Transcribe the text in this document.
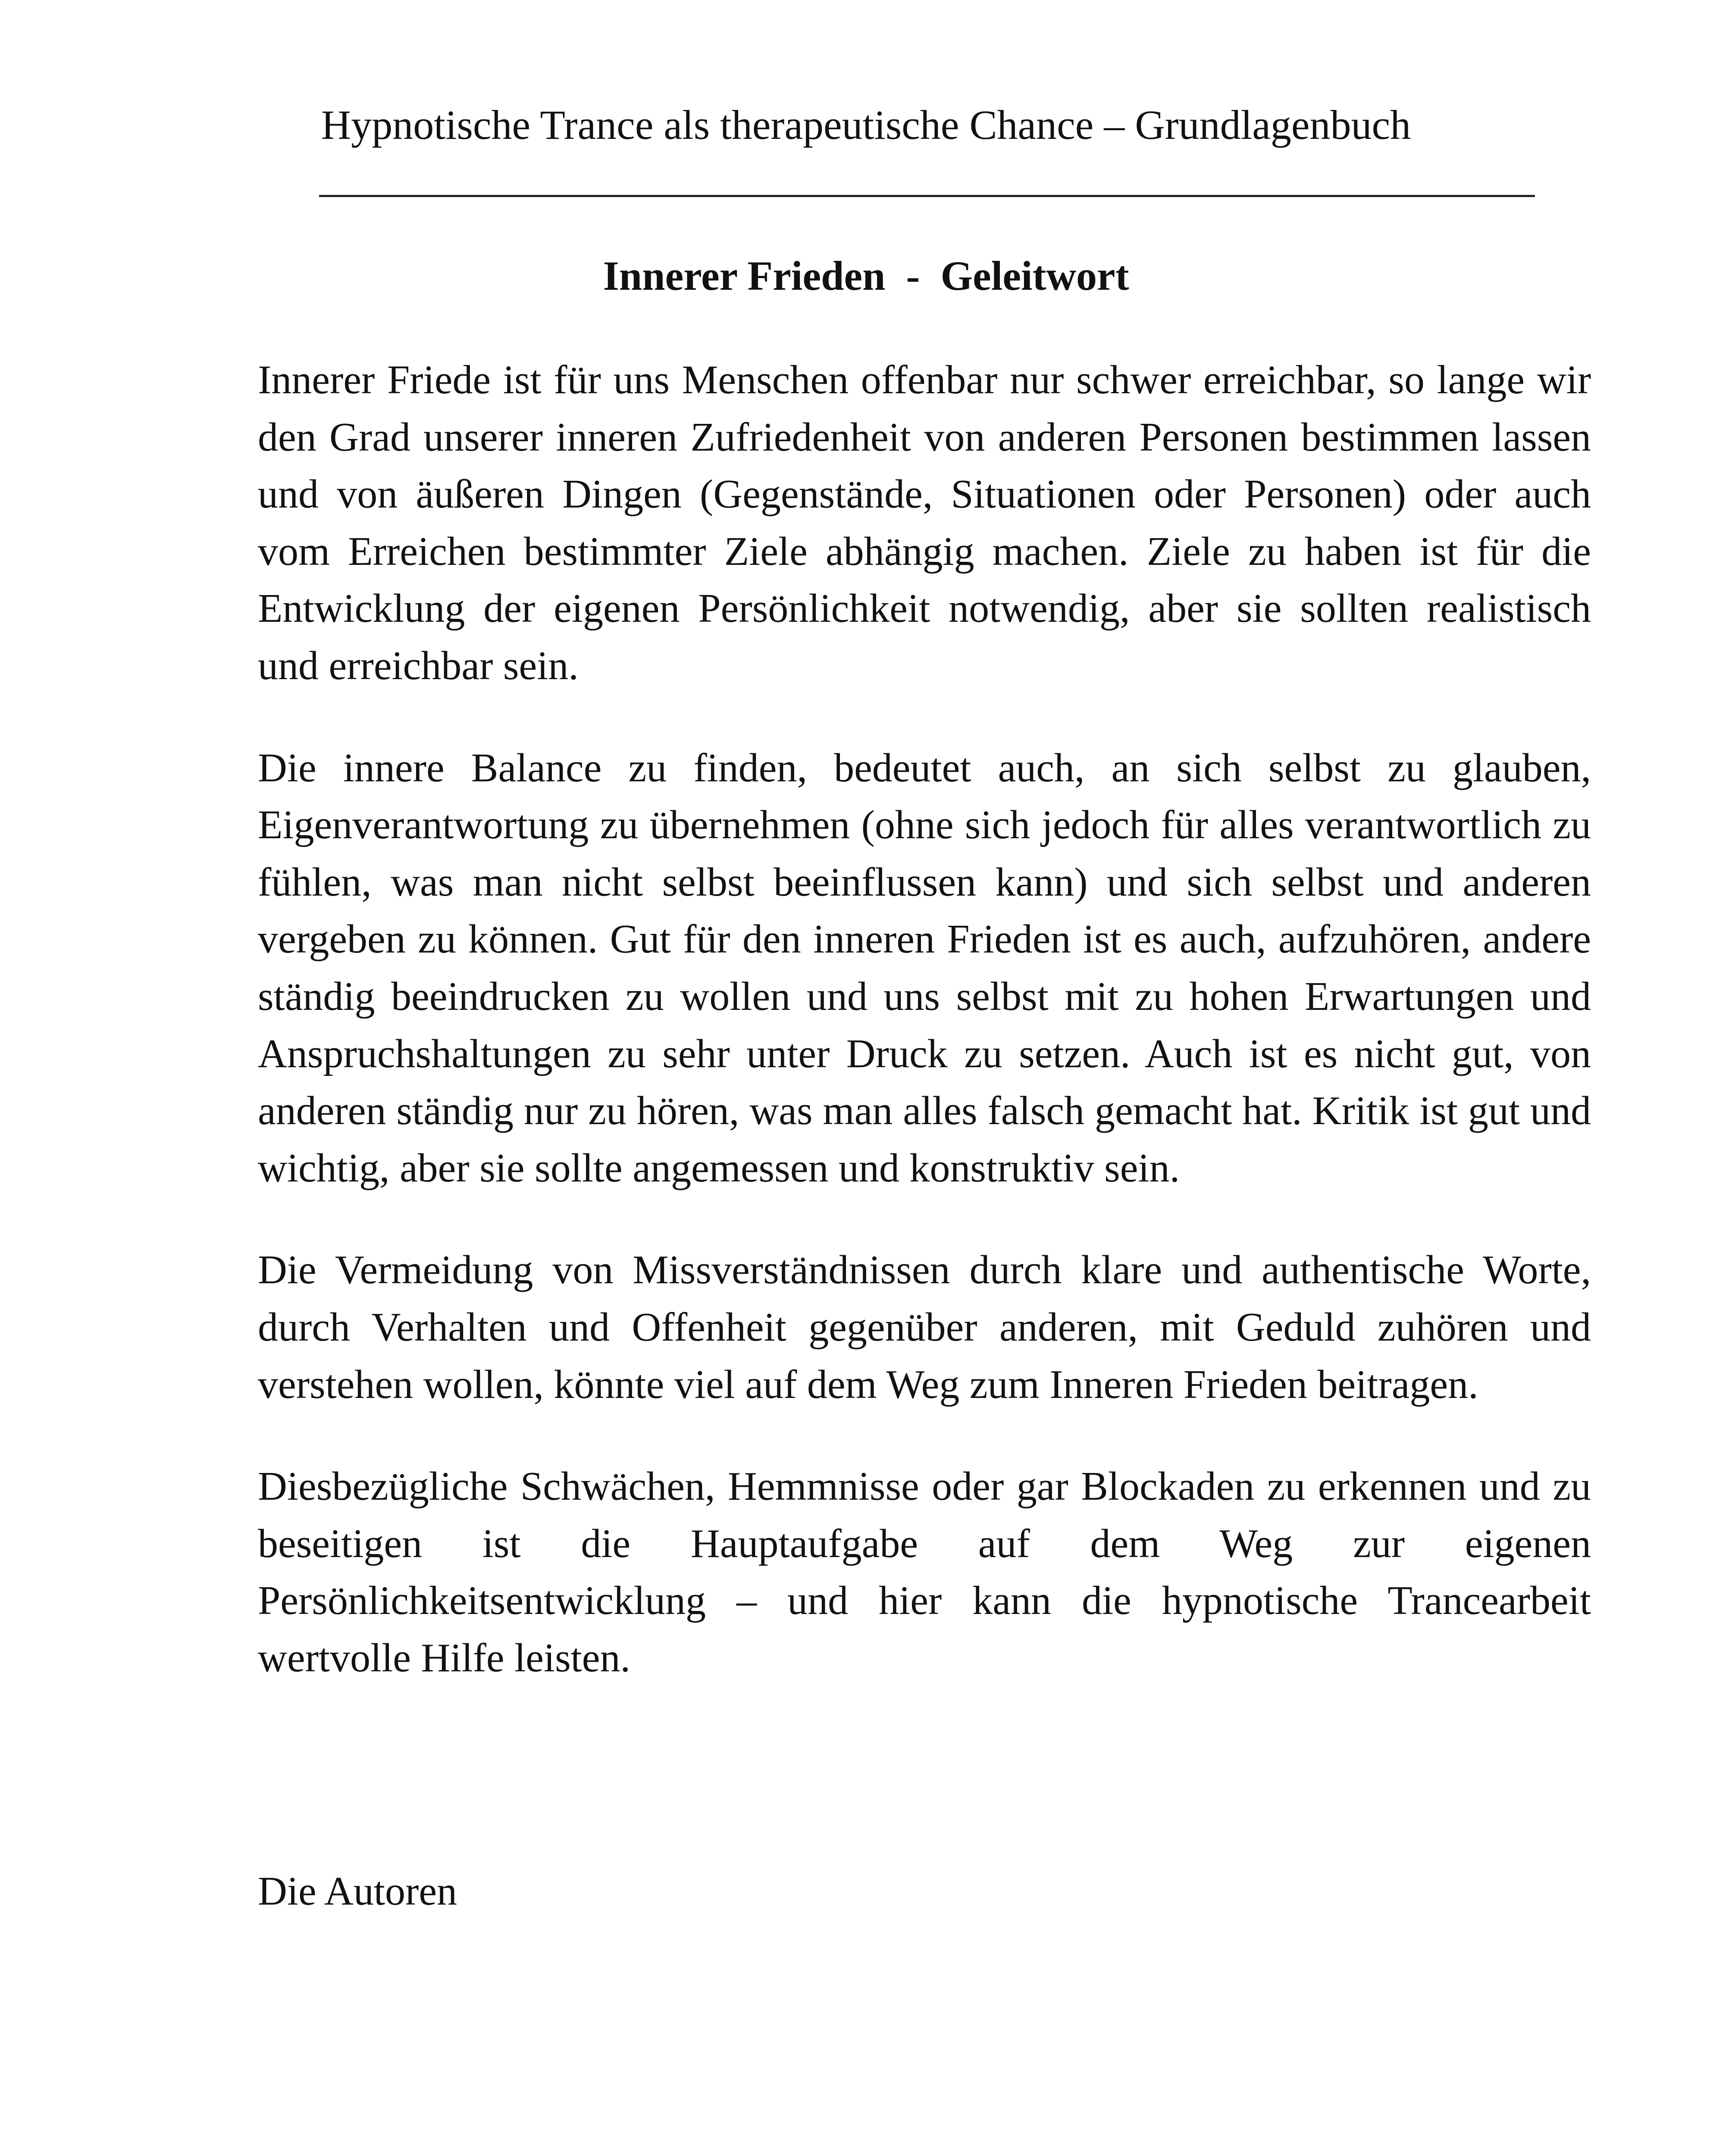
Hypnotische Trance als therapeutische Chance – Grundlagenbuch
Innerer Frieden  -  Geleitwort

Innerer Friede ist für uns Menschen offenbar nur schwer erreichbar, so lange wir den Grad unserer inneren Zufriedenheit von anderen Personen bestimmen lassen und von äußeren Dingen (Gegenstände, Situationen oder Personen) oder auch vom Erreichen bestimmter Ziele abhängig machen. Ziele zu haben ist für die Entwicklung der eigenen Persönlichkeit notwendig, aber sie sollten realistisch und erreichbar sein.

Die innere Balance zu finden, bedeutet auch, an sich selbst zu glauben, Eigenverantwortung zu übernehmen (ohne sich jedoch für alles verantwortlich zu fühlen, was man nicht selbst beeinflussen kann) und sich selbst und anderen vergeben zu können. Gut für den inneren Frieden ist es auch, aufzuhören, andere ständig beeindrucken zu wollen und uns selbst mit zu hohen Erwartungen und Anspruchshaltungen zu sehr unter Druck zu setzen. Auch ist es nicht gut, von anderen ständig nur zu hören, was man alles falsch gemacht hat. Kritik ist gut und wichtig, aber sie sollte angemessen und konstruktiv sein.

Die Vermeidung von Missverständnissen durch klare und authentische Worte, durch Verhalten und Offenheit gegenüber anderen, mit Geduld zuhören und verstehen wollen, könnte viel auf dem Weg zum Inneren Frieden beitragen.

Diesbezügliche Schwächen, Hemmnisse oder gar Blockaden zu erkennen und zu beseitigen ist die Hauptaufgabe auf dem Weg zur eigenen Persönlichkeitsentwicklung – und hier kann die hypnotische Trancearbeit wertvolle Hilfe leisten.

Die Autoren
